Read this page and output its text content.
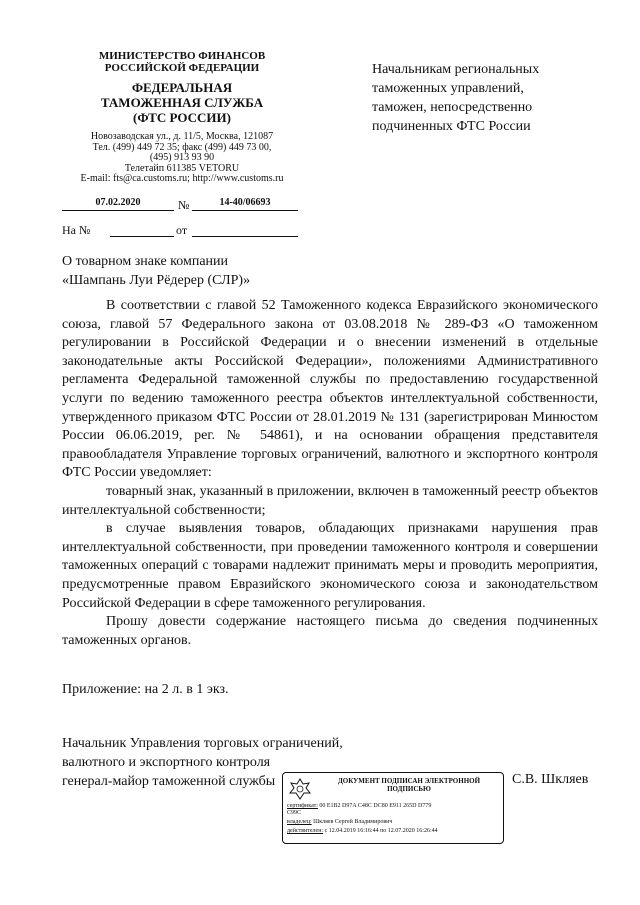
МИНИСТЕРСТВО ФИНАНСОВ
РОССИЙСКОЙ ФЕДЕРАЦИИ
ФЕДЕРАЛЬНАЯ
ТАМОЖЕННАЯ СЛУЖБА
(ФТС РОССИИ)
Новозаводская ул., д. 11/5, Москва, 121087
Тел. (499) 449 72 35; факс (499) 449 73 00,
(495) 913 93 90
Телетайп 611385 VETORU
E-mail: fts@ca.customs.ru; http://www.customs.ru
07.02.2020	№	14-40/06693
На №	от
Начальникам региональных
таможенных управлений,
таможен, непосредственно
подчиненных ФТС России
О товарном знаке компании
«Шампань Луи Рёдерер (СЛР)»

В соответствии с главой 52 Таможенного кодекса Евразийского экономического союза, главой 57 Федерального закона от 03.08.2018 № 289-ФЗ «О таможенном регулировании в Российской Федерации и о внесении изменений в отдельные законодательные акты Российской Федерации», положениями Административного регламента Федеральной таможенной службы по предоставлению государственной услуги по ведению таможенного реестра объектов интеллектуальной собственности, утвержденного приказом ФТС России от 28.01.2019 № 131 (зарегистрирован Минюстом России 06.06.2019, рег. № 54861), и на основании обращения представителя правообладателя Управление торговых ограничений, валютного и экспортного контроля ФТС России уведомляет:

товарный знак, указанный в приложении, включен в таможенный реестр объектов интеллектуальной собственности;

в случае выявления товаров, обладающих признаками нарушения прав интеллектуальной собственности, при проведении таможенного контроля и совершении таможенных операций с товарами надлежит принимать меры и проводить мероприятия, предусмотренные правом Евразийского экономического союза и законодательством Российской Федерации в сфере таможенного регулирования.

Прошу довести содержание настоящего письма до сведения подчиненных таможенных органов.

Приложение: на 2 л. в 1 экз.
Начальник Управления торговых ограничений,
валютного и экспортного контроля
генерал-майор таможенной службы	С.В. Шкляев
ДОКУМЕНТ ПОДПИСАН ЭЛЕКТРОННОЙ
ПОДПИСЬЮ
сертификат: 00 E1B2 D97A C48C DC80 E911 265D D779
C99C
владелец: Шкляев Сергей Владимирович
действителен: с 12.04.2019 16:16:44 по 12.07.2020 16:26:44
